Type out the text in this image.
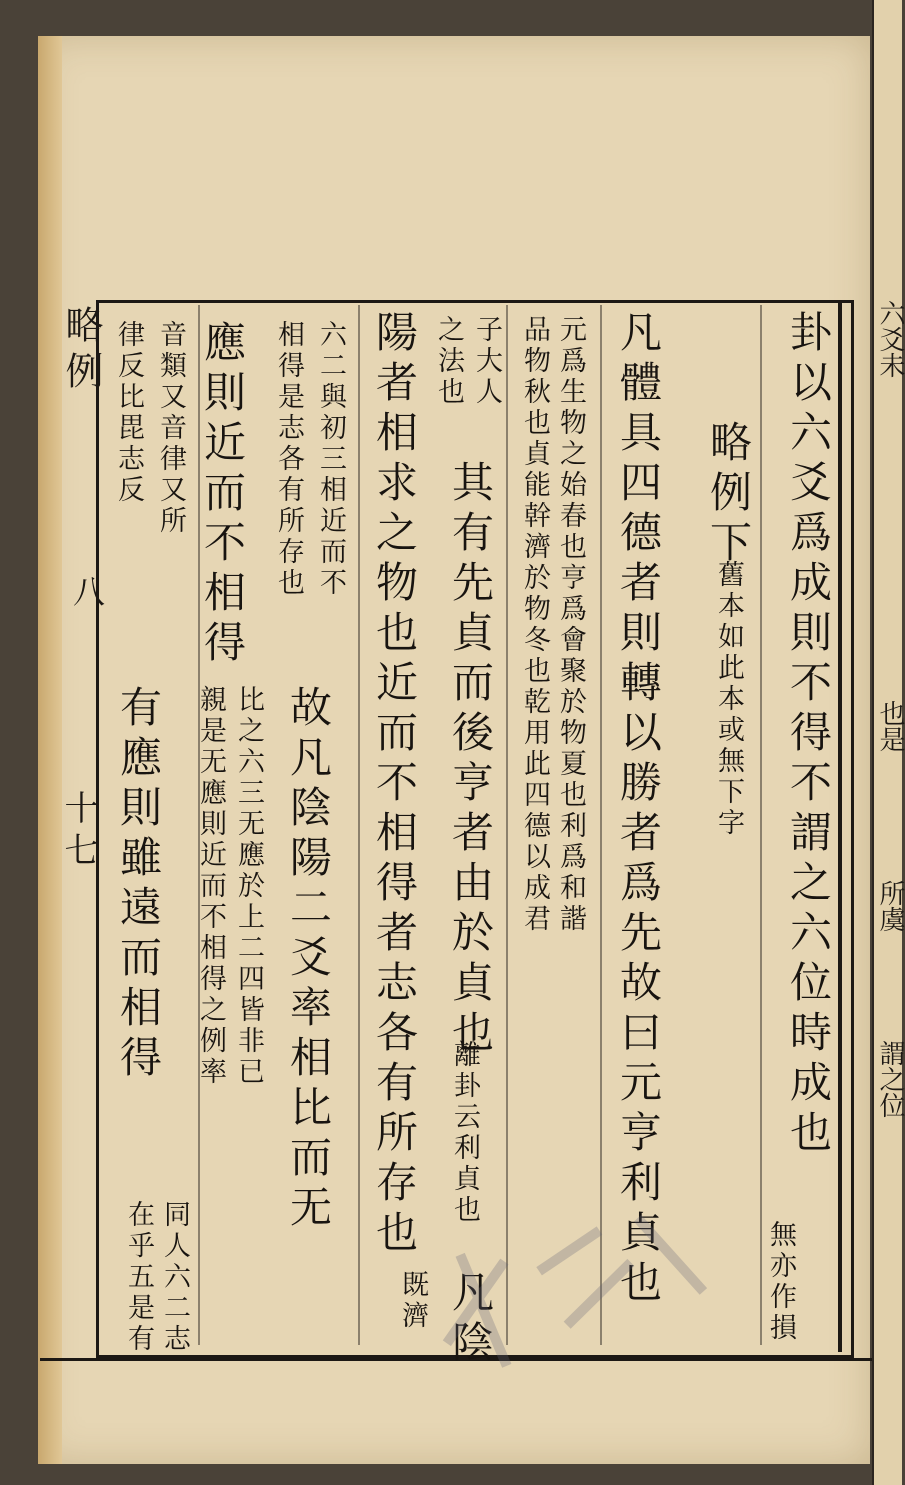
略例
八
十七	卦以六爻爲成則不得不謂之六位時成也
無亦作損
略例下
舊本如此本或無下字
凡體具四德者則轉以勝者爲先故曰元亨利貞也
元爲生物之始春也亨爲會聚於物夏也利爲和諧
品物秋也貞能幹濟於物冬也乾用此四德以成君
子大人
其有先貞而後亨者由於貞也
離卦云利貞也
凡陰
之法也
陽者相求之物也近而不相得者志各有所存也
既濟
六二與初三相近而不
故凡陰陽二爻率相比而无
相得是志各有所存也
比之六三无應於上二四皆非已
應則近而不相得
親是无應則近而不相得之例率
音類又音律又所
有應則雖遠而相得
在乎五是有
律反比毘志反
同人六二志
六爻未
也是
所虞
謂之位
